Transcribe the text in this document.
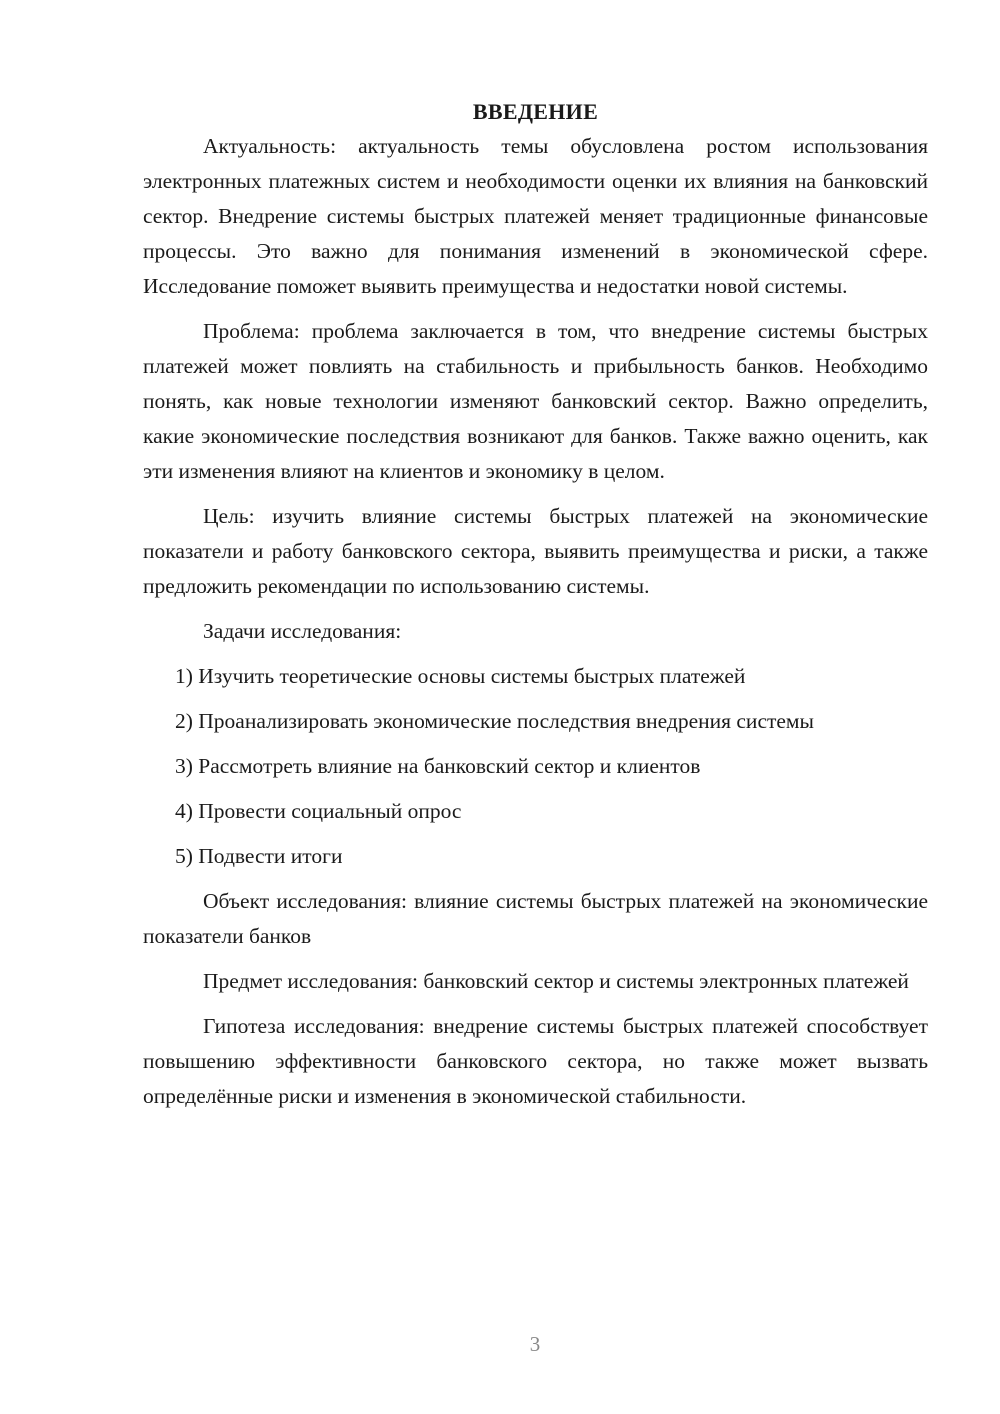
ВВЕДЕНИЕ

Актуальность: актуальность темы обусловлена ростом использования электронных платежных систем и необходимости оценки их влияния на банковский сектор. Внедрение системы быстрых платежей меняет традиционные финансовые процессы. Это важно для понимания изменений в экономической сфере. Исследование поможет выявить преимущества и недостатки новой системы.

Проблема: проблема заключается в том, что внедрение системы быстрых платежей может повлиять на стабильность и прибыльность банков. Необходимо понять, как новые технологии изменяют банковский сектор. Важно определить, какие экономические последствия возникают для банков. Также важно оценить, как эти изменения влияют на клиентов и экономику в целом.

Цель: изучить влияние системы быстрых платежей на экономические показатели и работу банковского сектора, выявить преимущества и риски, а также предложить рекомендации по использованию системы.

Задачи исследования:

1) Изучить теоретические основы системы быстрых платежей
2) Проанализировать экономические последствия внедрения системы
3) Рассмотреть влияние на банковский сектор и клиентов
4) Провести социальный опрос
5) Подвести итоги

Объект исследования: влияние системы быстрых платежей на экономические показатели банков

Предмет исследования: банковский сектор и системы электронных платежей

Гипотеза исследования: внедрение системы быстрых платежей способствует повышению эффективности банковского сектора, но также может вызвать определённые риски и изменения в экономической стабильности.

3
